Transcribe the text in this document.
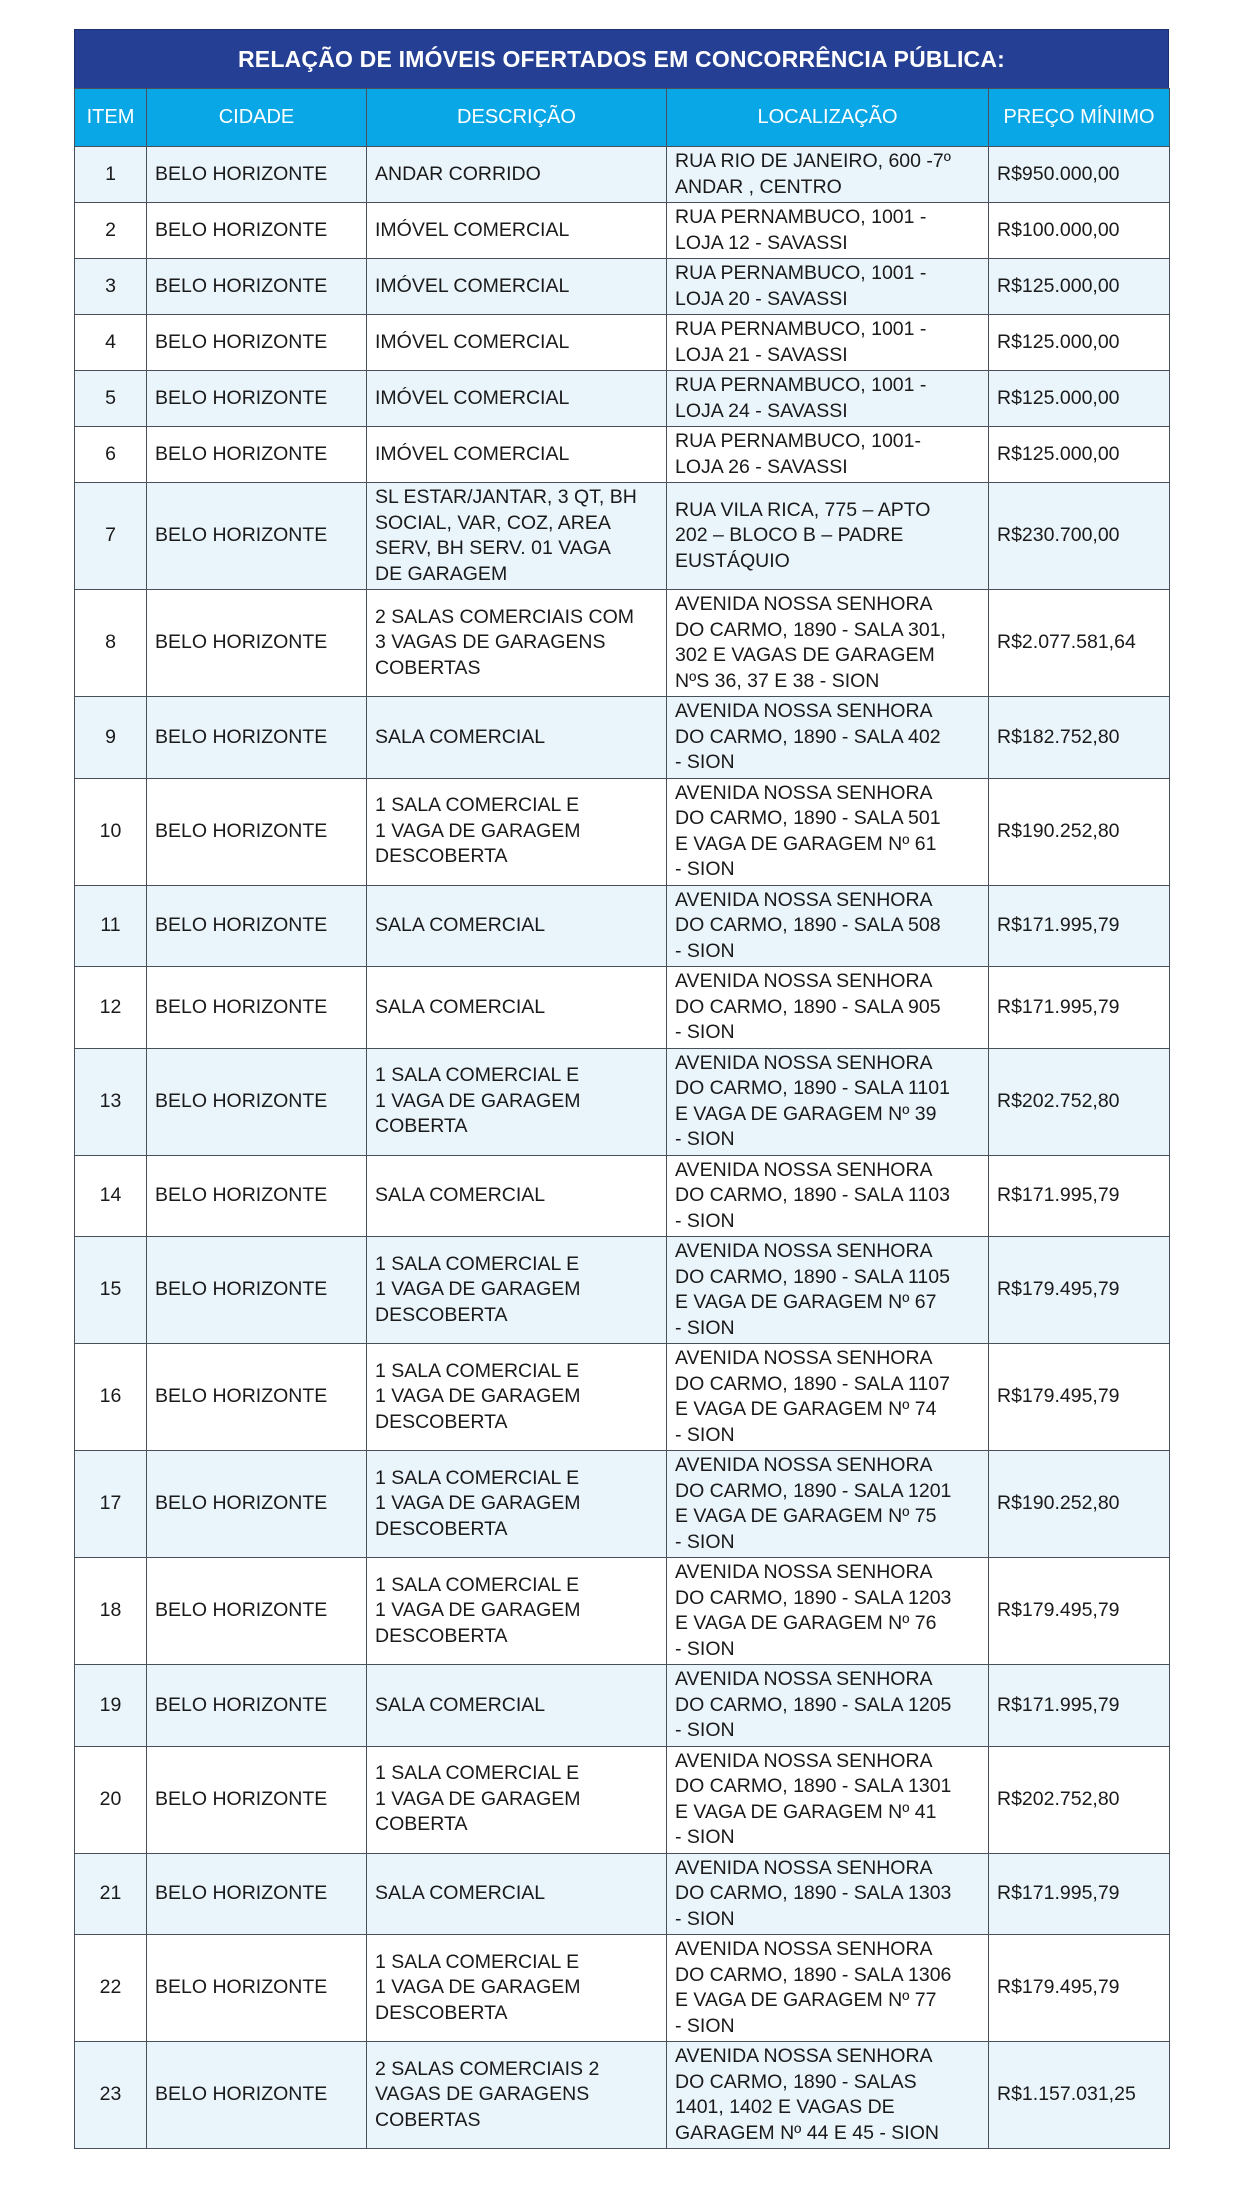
RELAÇÃO DE IMÓVEIS OFERTADOS EM CONCORRÊNCIA PÚBLICA:
ITEM	CIDADE	DESCRIÇÃO	LOCALIZAÇÃO	PREÇO MÍNIMO
1	BELO HORIZONTE	ANDAR CORRIDO	RUA RIO DE JANEIRO, 600 -7º
ANDAR , CENTRO	R$950.000,00
2	BELO HORIZONTE	IMÓVEL COMERCIAL	RUA PERNAMBUCO, 1001 -
LOJA 12 - SAVASSI	R$100.000,00
3	BELO HORIZONTE	IMÓVEL COMERCIAL	RUA PERNAMBUCO, 1001 -
LOJA 20 - SAVASSI	R$125.000,00
4	BELO HORIZONTE	IMÓVEL COMERCIAL	RUA PERNAMBUCO, 1001 -
LOJA 21 - SAVASSI	R$125.000,00
5	BELO HORIZONTE	IMÓVEL COMERCIAL	RUA PERNAMBUCO, 1001 -
LOJA 24 - SAVASSI	R$125.000,00
6	BELO HORIZONTE	IMÓVEL COMERCIAL	RUA PERNAMBUCO, 1001-
LOJA 26 - SAVASSI	R$125.000,00
7	BELO HORIZONTE	SL ESTAR/JANTAR, 3 QT, BH
SOCIAL, VAR, COZ, AREA
SERV, BH SERV. 01 VAGA
DE GARAGEM	RUA VILA RICA, 775 – APTO
202 – BLOCO B – PADRE
EUSTÁQUIO	R$230.700,00
8	BELO HORIZONTE	2 SALAS COMERCIAIS COM
3 VAGAS DE GARAGENS
COBERTAS	AVENIDA NOSSA SENHORA
DO CARMO, 1890 - SALA 301,
302 E VAGAS DE GARAGEM
NºS 36, 37 E 38 - SION	R$2.077.581,64
9	BELO HORIZONTE	SALA COMERCIAL	AVENIDA NOSSA SENHORA
DO CARMO, 1890 - SALA 402
- SION	R$182.752,80
10	BELO HORIZONTE	1 SALA COMERCIAL E
1 VAGA DE GARAGEM
DESCOBERTA	AVENIDA NOSSA SENHORA
DO CARMO, 1890 - SALA 501
E VAGA DE GARAGEM Nº 61
- SION	R$190.252,80
11	BELO HORIZONTE	SALA COMERCIAL	AVENIDA NOSSA SENHORA
DO CARMO, 1890 - SALA 508
- SION	R$171.995,79
12	BELO HORIZONTE	SALA COMERCIAL	AVENIDA NOSSA SENHORA
DO CARMO, 1890 - SALA 905
- SION	R$171.995,79
13	BELO HORIZONTE	1 SALA COMERCIAL E
1 VAGA DE GARAGEM
COBERTA	AVENIDA NOSSA SENHORA
DO CARMO, 1890 - SALA 1101
E VAGA DE GARAGEM Nº 39
- SION	R$202.752,80
14	BELO HORIZONTE	SALA COMERCIAL	AVENIDA NOSSA SENHORA
DO CARMO, 1890 - SALA 1103
- SION	R$171.995,79
15	BELO HORIZONTE	1 SALA COMERCIAL E
1 VAGA DE GARAGEM
DESCOBERTA	AVENIDA NOSSA SENHORA
DO CARMO, 1890 - SALA 1105
E VAGA DE GARAGEM Nº 67
- SION	R$179.495,79
16	BELO HORIZONTE	1 SALA COMERCIAL E
1 VAGA DE GARAGEM
DESCOBERTA	AVENIDA NOSSA SENHORA
DO CARMO, 1890 - SALA 1107
E VAGA DE GARAGEM Nº 74
- SION	R$179.495,79
17	BELO HORIZONTE	1 SALA COMERCIAL E
1 VAGA DE GARAGEM
DESCOBERTA	AVENIDA NOSSA SENHORA
DO CARMO, 1890 - SALA 1201
E VAGA DE GARAGEM Nº 75
- SION	R$190.252,80
18	BELO HORIZONTE	1 SALA COMERCIAL E
1 VAGA DE GARAGEM
DESCOBERTA	AVENIDA NOSSA SENHORA
DO CARMO, 1890 - SALA 1203
E VAGA DE GARAGEM Nº 76
- SION	R$179.495,79
19	BELO HORIZONTE	SALA COMERCIAL	AVENIDA NOSSA SENHORA
DO CARMO, 1890 - SALA 1205
- SION	R$171.995,79
20	BELO HORIZONTE	1 SALA COMERCIAL E
1 VAGA DE GARAGEM
COBERTA	AVENIDA NOSSA SENHORA
DO CARMO, 1890 - SALA 1301
E VAGA DE GARAGEM Nº 41
- SION	R$202.752,80
21	BELO HORIZONTE	SALA COMERCIAL	AVENIDA NOSSA SENHORA
DO CARMO, 1890 - SALA 1303
- SION	R$171.995,79
22	BELO HORIZONTE	1 SALA COMERCIAL E
1 VAGA DE GARAGEM
DESCOBERTA	AVENIDA NOSSA SENHORA
DO CARMO, 1890 - SALA 1306
E VAGA DE GARAGEM Nº 77
- SION	R$179.495,79
23	BELO HORIZONTE	2 SALAS COMERCIAIS 2
VAGAS DE GARAGENS
COBERTAS	AVENIDA NOSSA SENHORA
DO CARMO, 1890 - SALAS
1401, 1402 E VAGAS DE
GARAGEM Nº 44 E 45 - SION	R$1.157.031,25
